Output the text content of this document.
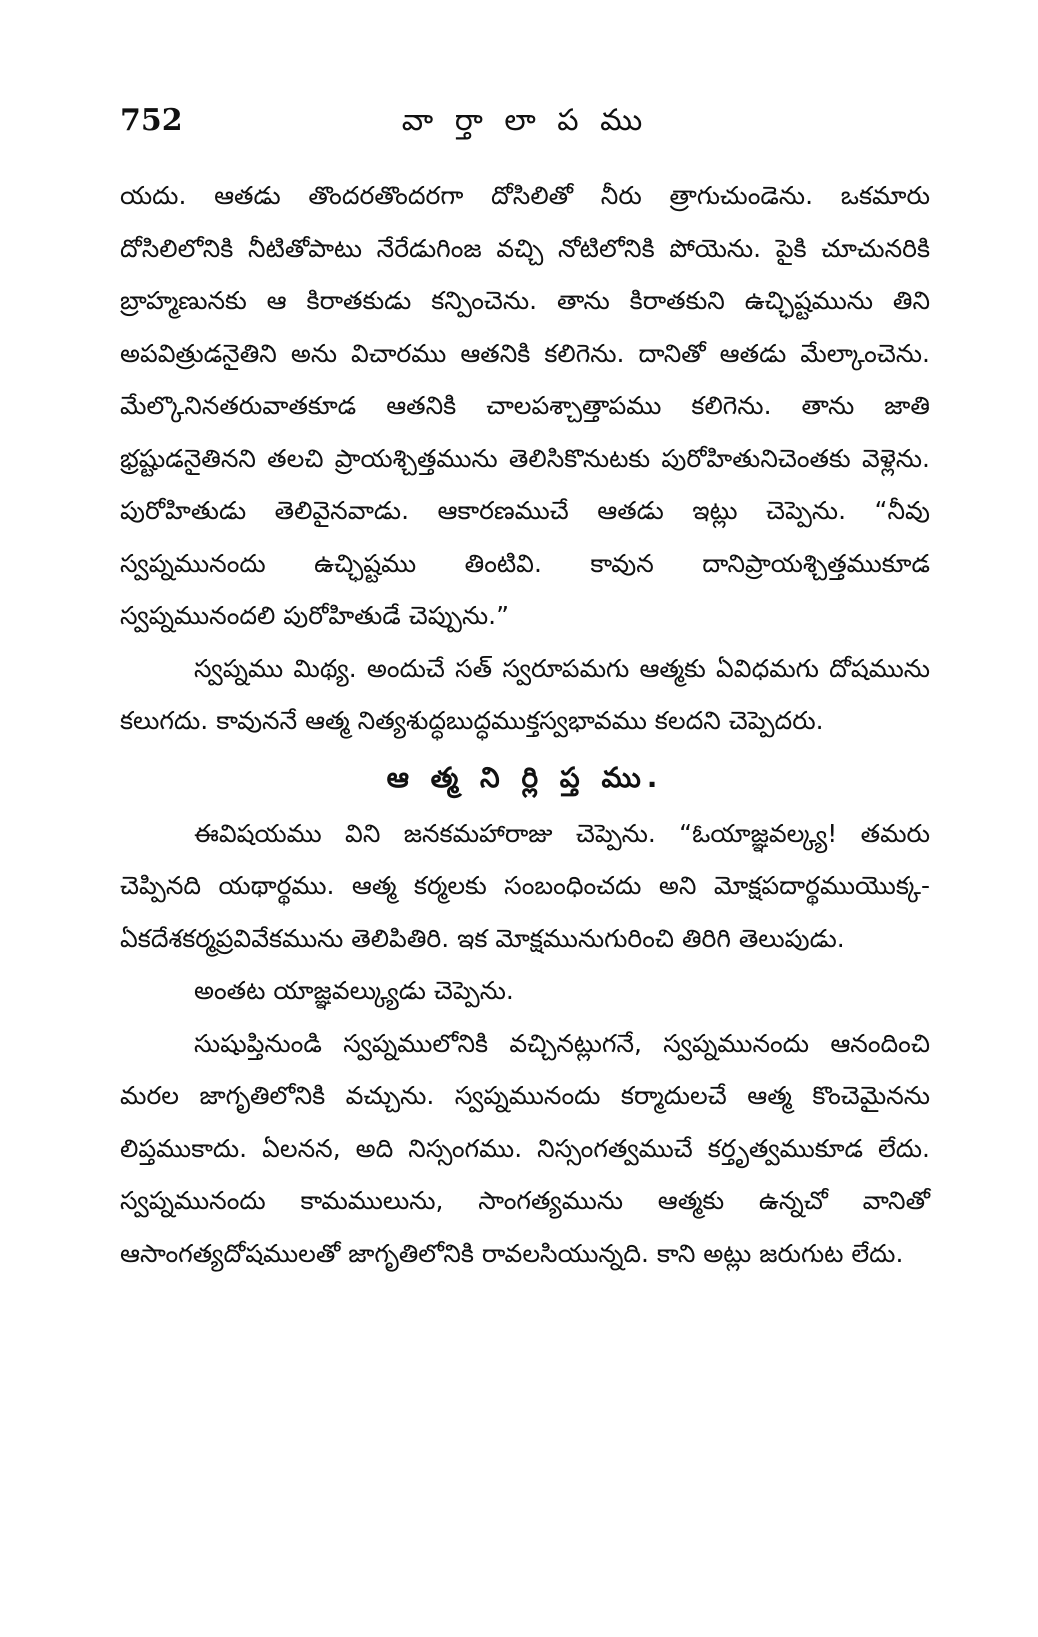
752	వా ర్తా లా ప ము

యదు. ఆతడు తొందరతొందరగా దోసిలితో నీరు త్రాగుచుండెను. ఒకమారు దోసిలిలోనికి నీటితోపాటు నేరేడుగింజ వచ్చి నోటిలోనికి పోయెను. పైకి చూచునరికి బ్రాహ్మణునకు ఆ కిరాతకుడు కన్పించెను. తాను కిరాతకుని ఉచ్ఛిష్టమును తిని అపవిత్రుడనైతిని అను విచారము ఆతనికి కలిగెను. దానితో ఆతడు మేల్కాంచెను. మేల్కొనినతరువాతకూడ ఆతనికి చాలపశ్చాత్తాపము కలిగెను. తాను జాతి భ్రష్టుడనైతినని తలచి ప్రాయశ్చిత్తమును తెలిసికొనుటకు పురోహితునిచెంతకు వెళ్లెను. పురోహితుడు తెలివైనవాడు. ఆకారణముచే ఆతడు ఇట్లు చెప్పెను. “నీవు స్వప్నమునందు ఉచ్ఛిష్టము తింటివి. కావున దానిప్రాయశ్చిత్తముకూడ స్వప్నమునందలి పురోహితుడే చెప్పును.”

స్వప్నము మిథ్య. అందుచే సత్ స్వరూపమగు ఆత్మకు ఏవిధమగు దోషమును కలుగదు. కావుననే ఆత్మ నిత్యశుద్ధబుద్ధముక్తస్వభావము కలదని చెప్పెదరు.

ఆ త్మ ని ర్లి ప్త ము.

ఈవిషయము విని జనకమహారాజు చెప్పెను. “ఓయాజ్ఞవల్క్య! తమరు చెప్పినది యథార్థము. ఆత్మ కర్మలకు సంబంధించదు అని మోక్షపదార్థముయొక్క- ఏకదేశకర్మప్రవివేకమును తెలిపితిరి. ఇక మోక్షమునుగురించి తిరిగి తెలుపుడు.

అంతట యాజ్ఞవల్క్యుడు చెప్పెను.

సుషుప్తినుండి స్వప్నములోనికి వచ్చినట్లుగనే, స్వప్నమునందు ఆనందించి మరల జాగృతిలోనికి వచ్చును. స్వప్నమునందు కర్మాదులచే ఆత్మ కొంచెమైనను లిప్తముకాదు. ఏలనన, అది నిస్సంగము. నిస్సంగత్వముచే కర్తృత్వముకూడ లేదు. స్వప్నమునందు కామములును, సాంగత్యమును ఆత్మకు ఉన్నచో వానితో ఆసాంగత్యదోషములతో జాగృతిలోనికి రావలసియున్నది. కాని అట్లు జరుగుట లేదు.
